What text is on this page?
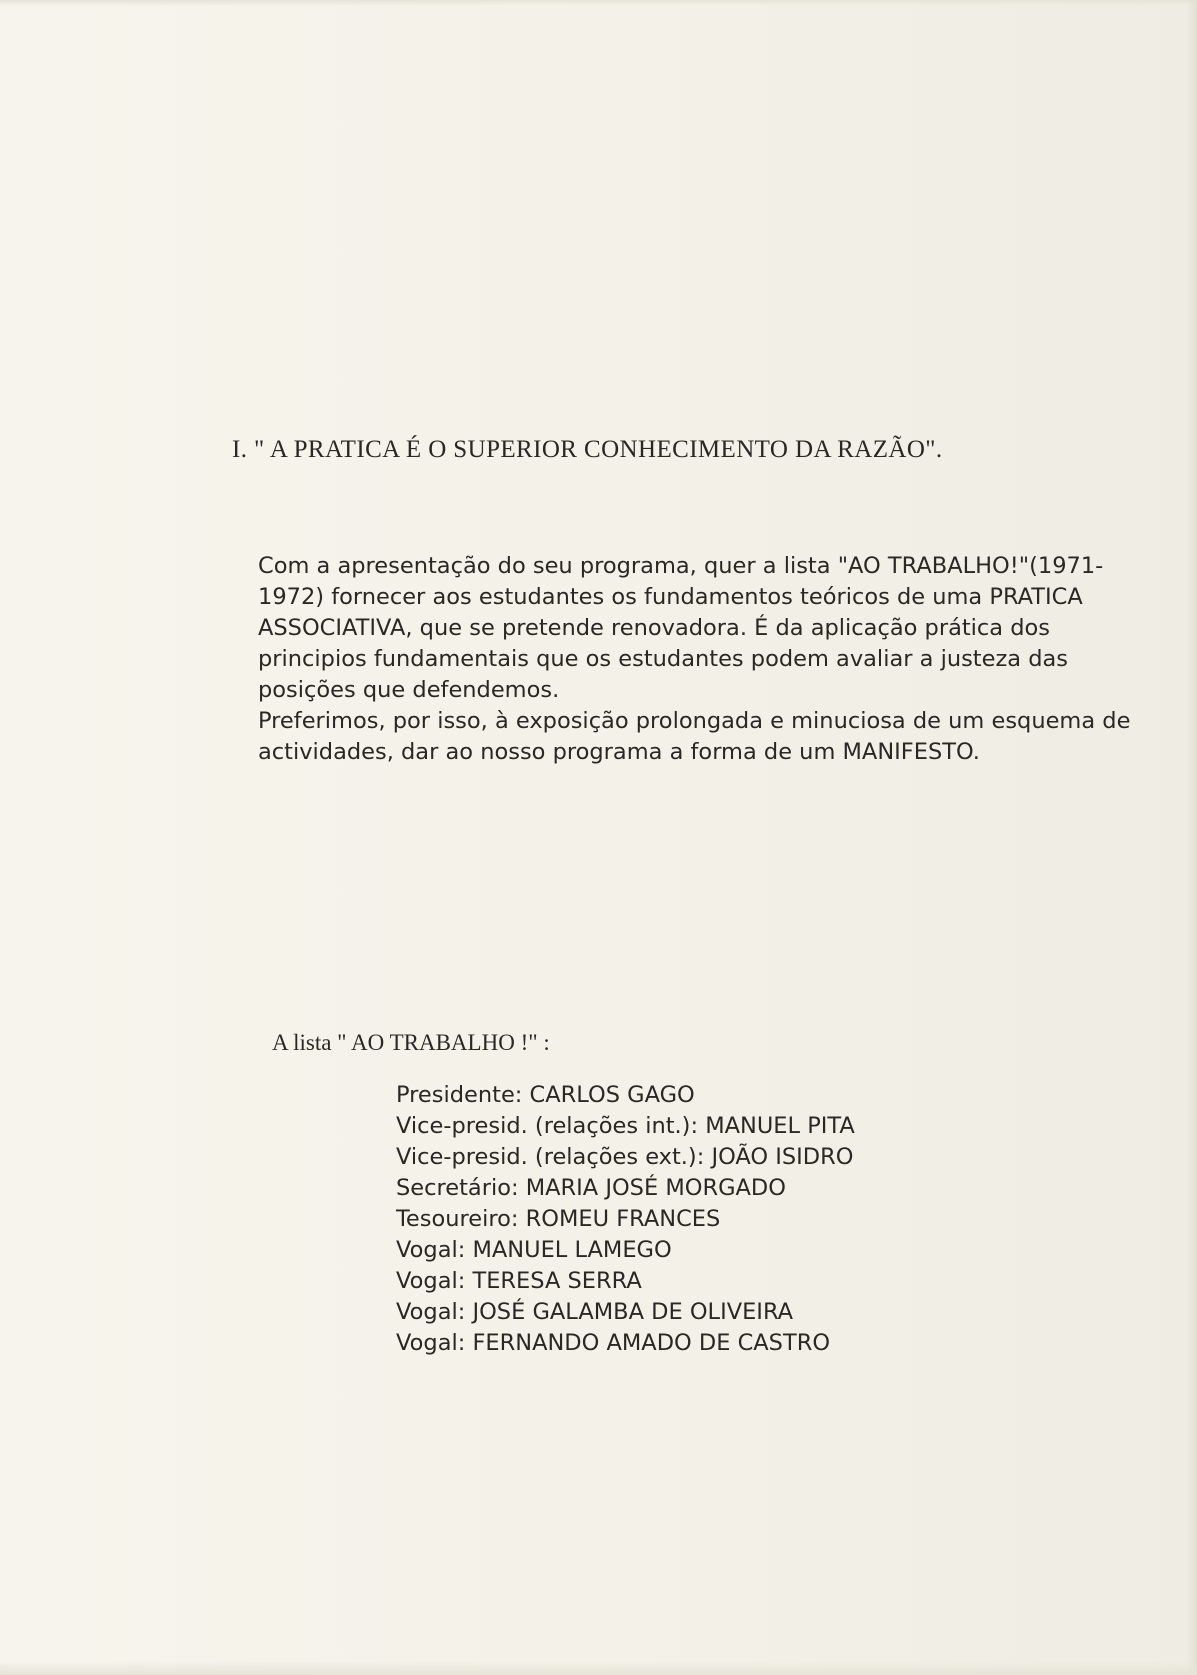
I. " A PRATICA É O SUPERIOR CONHECIMENTO DA RAZÃO".
Com a apresentação do seu programa, quer a lista "AO TRABALHO!"(1971-1972) fornecer aos estudantes os fundamentos teóricos de uma PRATICA ASSOCIATIVA, que se pretende renovadora. É da aplicação prática dos principios fundamentais que os estudantes podem avaliar a justeza das posições que defendemos.
Preferimos, por isso, à exposição prolongada e minuciosa de um esquema de actividades, dar ao nosso programa a forma de um MANIFESTO.
A lista " AO TRABALHO !" :
Presidente: CARLOS GAGO
Vice-presid. (relações int.): MANUEL PITA
Vice-presid. (relações ext.): JOÃO ISIDRO
Secretário: MARIA JOSÉ MORGADO
Tesoureiro: ROMEU FRANCES
Vogal: MANUEL LAMEGO
Vogal: TERESA SERRA
Vogal: JOSÉ GALAMBA DE OLIVEIRA
Vogal: FERNANDO AMADO DE CASTRO
